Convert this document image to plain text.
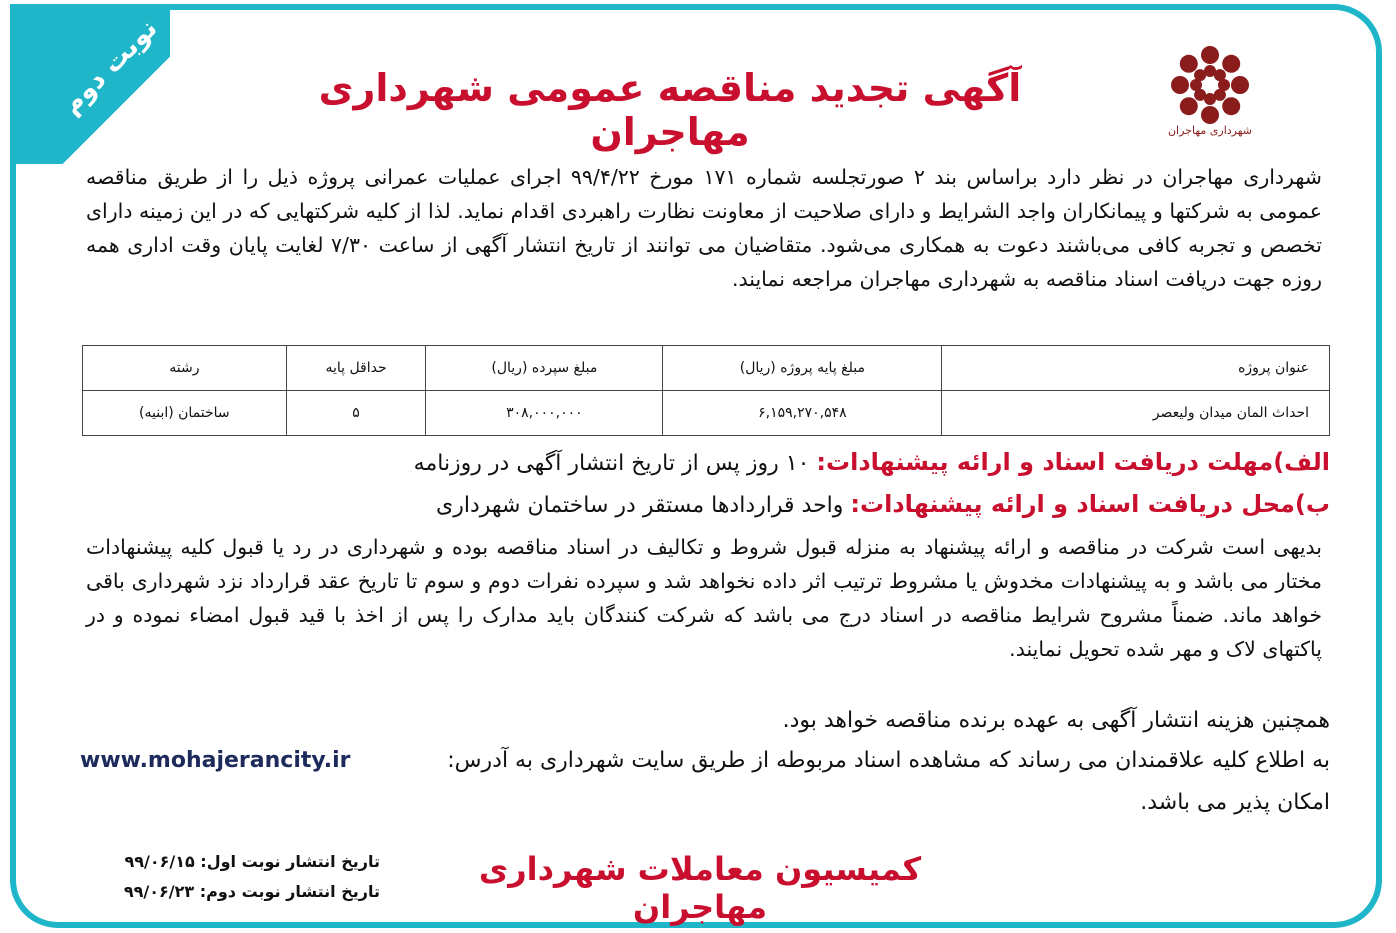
نوبت دوم
شهرداری مهاجران
آگهی تجدید مناقصه عمومی شهرداری مهاجران
شهرداری مهاجران در نظر دارد براساس بند ۲ صورتجلسه شماره ۱۷۱ مورخ ۹۹/۴/۲۲ اجرای عملیات عمرانی پروژه ذیل را از طریق مناقصه عمومی به شرکتها و پیمانکاران واجد الشرایط و دارای صلاحیت از معاونت نظارت راهبردی اقدام نماید. لذا از کلیه شرکتهایی که در این زمینه دارای تخصص و تجربه کافی می‌باشند دعوت به همکاری می‌شود. متقاضیان می توانند از تاریخ انتشار آگهی از ساعت ۷/۳۰ لغایت پایان وقت اداری همه روزه جهت دریافت اسناد مناقصه به شهرداری مهاجران مراجعه نمایند.
عنوان پروژه	مبلغ پایه پروژه (ریال)	مبلغ سپرده (ریال)	حداقل پایه	رشته
احداث المان میدان ولیعصر	۶,۱۵۹,۲۷۰,۵۴۸	۳۰۸,۰۰۰,۰۰۰	۵	ساختمان (ابنیه)
الف)مهلت دریافت اسناد و ارائه پیشنهادات: ۱۰ روز پس از تاریخ انتشار آگهی در روزنامه
ب)محل دریافت اسناد و ارائه پیشنهادات: واحد قراردادها مستقر در ساختمان شهرداری
بدیهی است شرکت در مناقصه و ارائه پیشنهاد به منزله قبول شروط و تکالیف در اسناد مناقصه بوده و شهرداری در رد یا قبول کلیه پیشنهادات مختار می باشد و به پیشنهادات مخدوش یا مشروط ترتیب اثر داده نخواهد شد و سپرده نفرات دوم و سوم تا تاریخ عقد قرارداد نزد شهرداری باقی خواهد ماند. ضمناً مشروح شرایط مناقصه در اسناد درج می باشد که شرکت کنندگان باید مدارک را پس از اخذ با قید قبول امضاء نموده و در پاکتهای لاک و مهر شده تحویل نمایند.
همچنین هزینه انتشار آگهی به عهده برنده مناقصه خواهد بود.
به اطلاع کلیه علاقمندان می رساند که مشاهده اسناد مربوطه از طریق سایت شهرداری به آدرس:
www.mohajerancity.ir
امکان پذیر می باشد.
کمیسیون معاملات شهرداری مهاجران
تاریخ انتشار نوبت اول: ۹۹/۰۶/۱۵
تاریخ انتشار نوبت دوم: ۹۹/۰۶/۲۳
